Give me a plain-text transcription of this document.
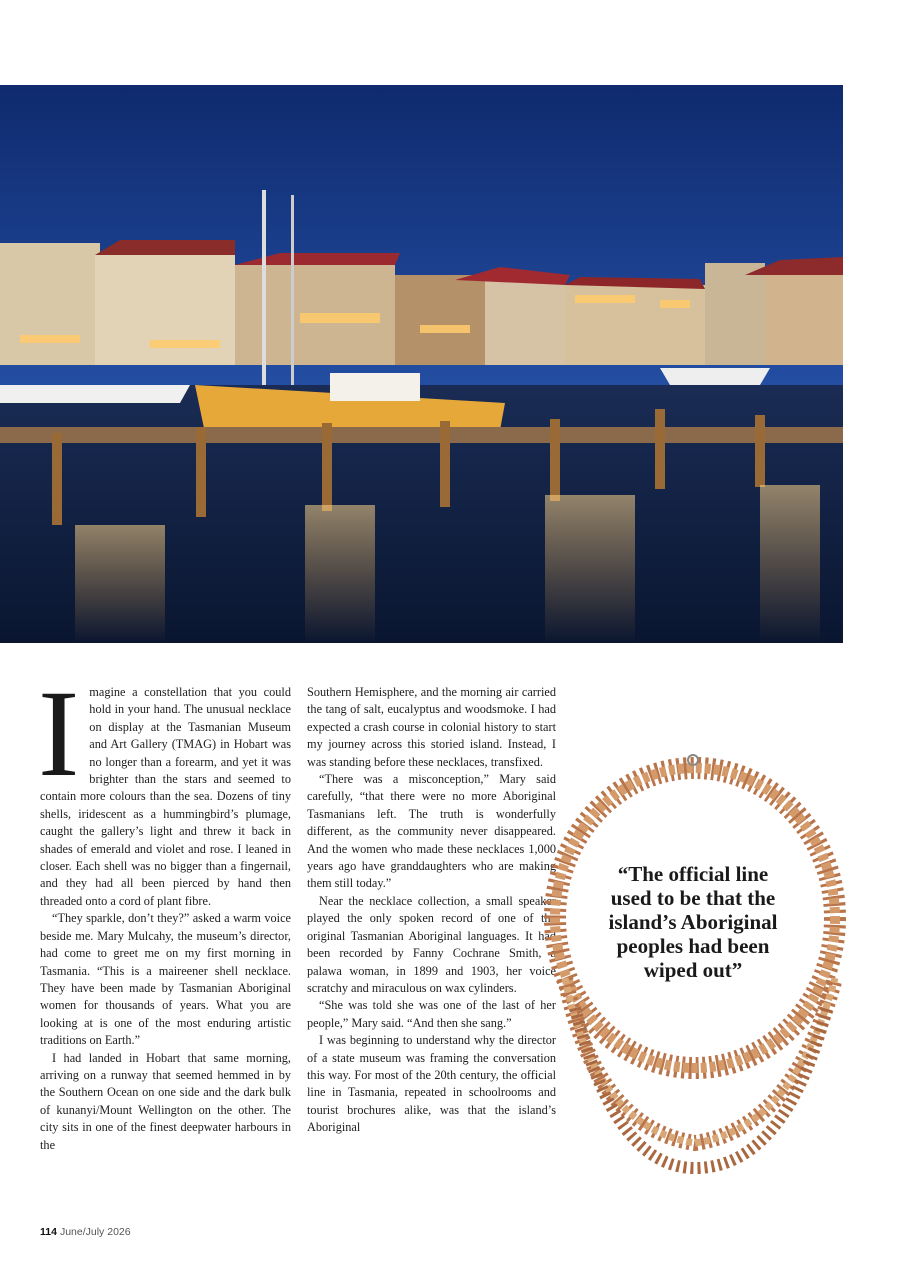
Imagine a constellation that you could hold in your hand. The unusual necklace on display at the Tasmanian Museum and Art Gallery (TMAG) in Hobart was no longer than a forearm, and yet it was brighter than the stars and seemed to contain more colours than the sea. Dozens of tiny shells, iridescent as a hummingbird’s plumage, caught the gallery’s light and threw it back in shades of emerald and violet and rose. I leaned in closer. Each shell was no bigger than a fingernail, and they had all been pierced by hand then threaded onto a cord of plant fibre.

“They sparkle, don’t they?” asked a warm voice beside me. Mary Mulcahy, the museum’s director, had come to greet me on my first morning in Tasmania. “This is a maireener shell necklace. They have been made by Tasmanian Aboriginal women for thousands of years. What you are looking at is one of the most enduring artistic traditions on Earth.”

I had landed in Hobart that same morning, arriving on a runway that seemed hemmed in by the Southern Ocean on one side and the dark bulk of kunanyi/Mount Wellington on the other. The city sits in one of the finest deepwater harbours in the

Southern Hemisphere, and the morning air carried the tang of salt, eucalyptus and woodsmoke. I had expected a crash course in colonial history to start my journey across this storied island. Instead, I was standing before these necklaces, transfixed.

“There was a misconception,” Mary said carefully, “that there were no more Aboriginal Tasmanians left. The truth is wonderfully different, as the community never disappeared. And the women who made these necklaces 1,000 years ago have granddaughters who are making them still today.”

Near the necklace collection, a small speaker played the only spoken record of one of the original Tasmanian Aboriginal languages. It had been recorded by Fanny Cochrane Smith, a palawa woman, in 1899 and 1903, her voice scratchy and miraculous on wax cylinders.

“She was told she was one of the last of her people,” Mary said. “And then she sang.”

I was beginning to understand why the director of a state museum was framing the conversation this way. For most of the 20th century, the official line in Tasmania, repeated in schoolrooms and tourist brochures alike, was that the island’s Aboriginal

“The official line used to be that the island’s Aboriginal peoples had been wiped out”

114 June/July 2026
